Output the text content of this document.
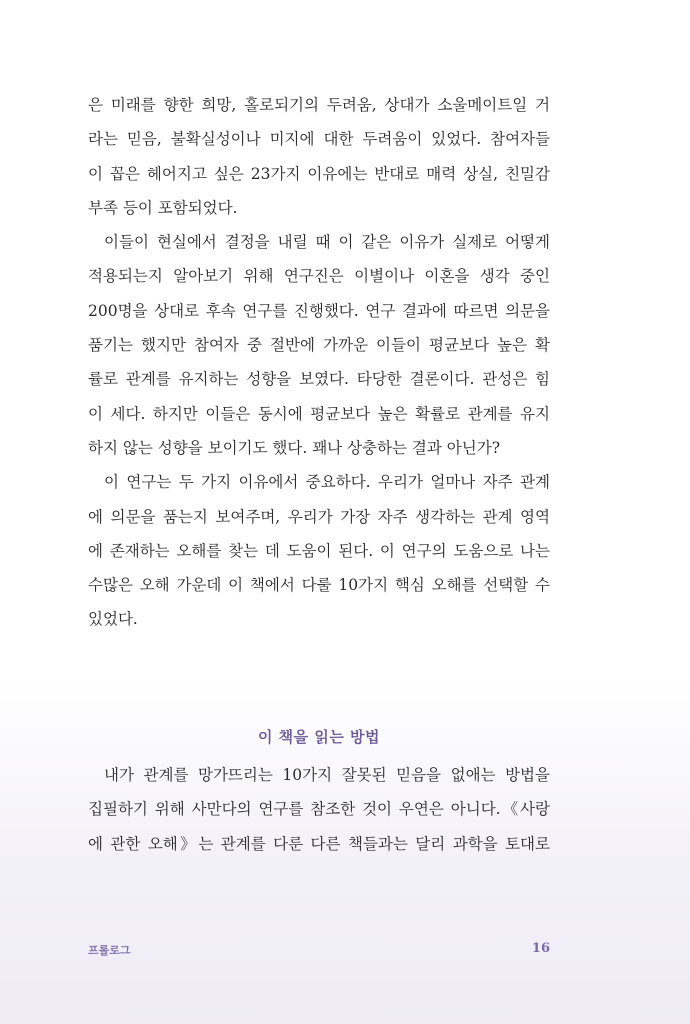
은 미래를 향한 희망, 홀로되기의 두려움, 상대가 소울메이트일 거
라는 믿음, 불확실성이나 미지에 대한 두려움이 있었다. 참여자들
이 꼽은 헤어지고 싶은 23가지 이유에는 반대로 매력 상실, 친밀감
부족 등이 포함되었다.
이들이 현실에서 결정을 내릴 때 이 같은 이유가 실제로 어떻게
적용되는지 알아보기 위해 연구진은 이별이나 이혼을 생각 중인
200명을 상대로 후속 연구를 진행했다. 연구 결과에 따르면 의문을
품기는 했지만 참여자 중 절반에 가까운 이들이 평균보다 높은 확
률로 관계를 유지하는 성향을 보였다. 타당한 결론이다. 관성은 힘
이 세다. 하지만 이들은 동시에 평균보다 높은 확률로 관계를 유지
하지 않는 성향을 보이기도 했다. 꽤나 상충하는 결과 아닌가?
이 연구는 두 가지 이유에서 중요하다. 우리가 얼마나 자주 관계
에 의문을 품는지 보여주며, 우리가 가장 자주 생각하는 관계 영역
에 존재하는 오해를 찾는 데 도움이 된다. 이 연구의 도움으로 나는
수많은 오해 가운데 이 책에서 다룰 10가지 핵심 오해를 선택할 수
있었다.
이 책을 읽는 방법
내가 관계를 망가뜨리는 10가지 잘못된 믿음을 없애는 방법을
집필하기 위해 사만다의 연구를 참조한 것이 우연은 아니다.《사랑
에 관한 오해》는 관계를 다룬 다른 책들과는 달리 과학을 토대로
프롤로그	16
